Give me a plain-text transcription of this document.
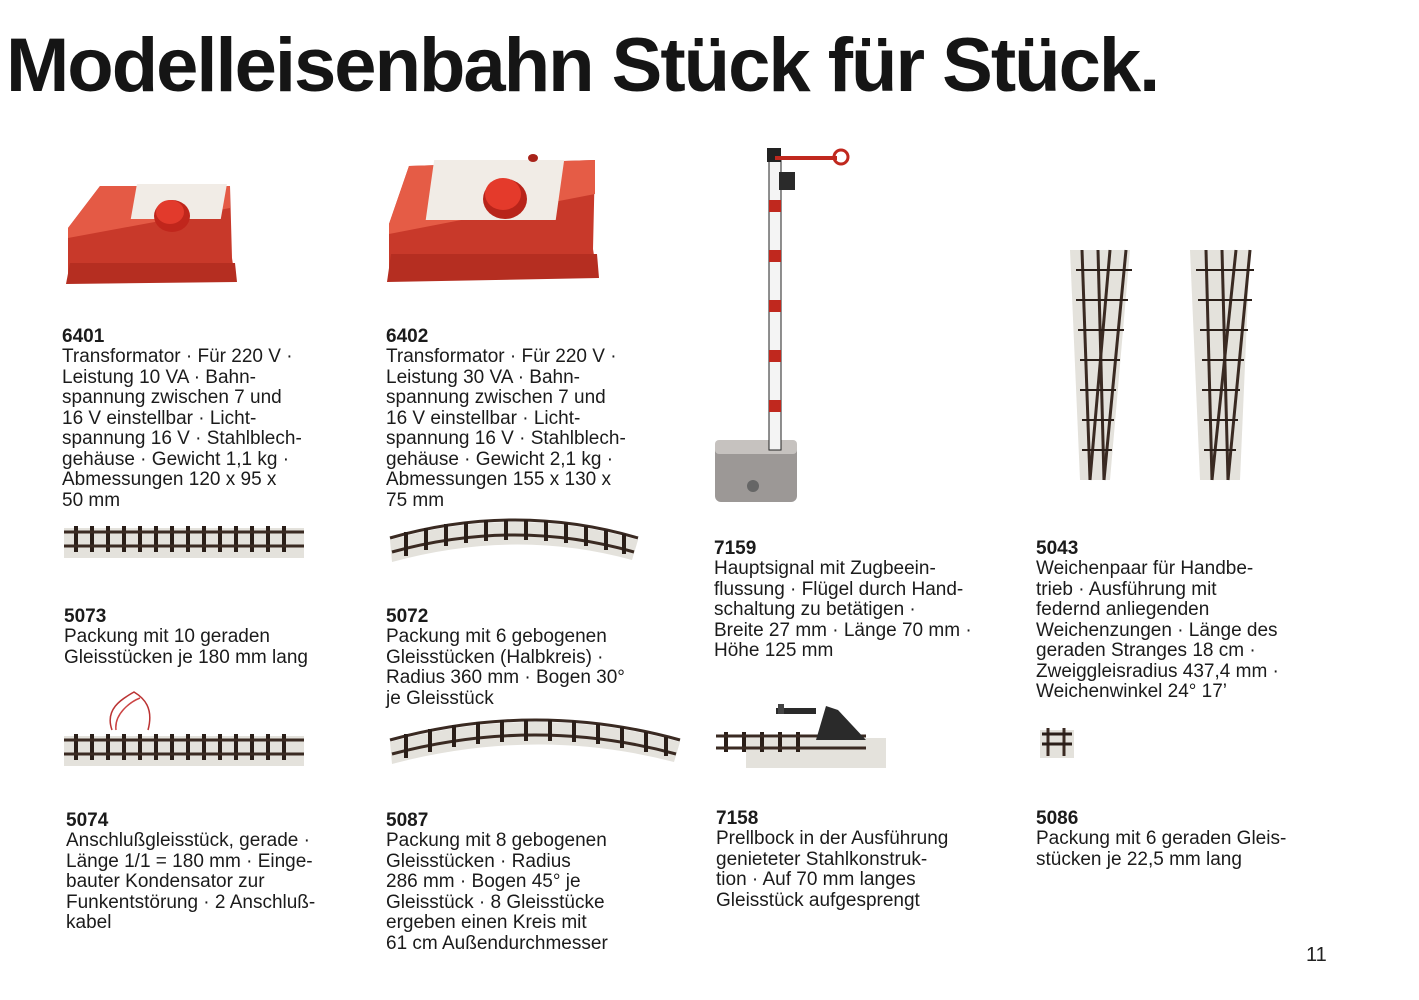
Modelleisenbahn Stück für Stück.

6401
Transformator · Für 220 V ·
Leistung 10 VA · Bahn-
spannung zwischen 7 und
16 V einstellbar · Licht-
spannung 16 V · Stahlblech-
gehäuse · Gewicht 1,1 kg ·
Abmessungen 120 x 95 x
50 mm

6402
Transformator · Für 220 V ·
Leistung 30 VA · Bahn-
spannung zwischen 7 und
16 V einstellbar · Licht-
spannung 16 V · Stahlblech-
gehäuse · Gewicht 2,1 kg ·
Abmessungen 155 x 130 x
75 mm

7159
Hauptsignal mit Zugbeein-
flussung · Flügel durch Hand-
schaltung zu betätigen ·
Breite 27 mm · Länge 70 mm ·
Höhe 125 mm

5043
Weichenpaar für Handbe-
trieb · Ausführung mit
federnd anliegenden
Weichenzungen · Länge des
geraden Stranges 18 cm ·
Zweiggleisradius 437,4 mm ·
Weichenwinkel 24° 17’

5073
Packung mit 10 geraden
Gleisstücken je 180 mm lang

5072
Packung mit 6 gebogenen
Gleisstücken (Halbkreis) ·
Radius 360 mm · Bogen 30°
je Gleisstück

5074
Anschlußgleisstück, gerade ·
Länge 1/1 = 180 mm · Einge-
bauter Kondensator zur
Funkentstörung · 2 Anschluß-
kabel

5087
Packung mit 8 gebogenen
Gleisstücken · Radius
286 mm · Bogen 45° je
Gleisstück · 8 Gleisstücke
ergeben einen Kreis mit
61 cm Außendurchmesser

7158
Prellbock in der Ausführung
genieteter Stahlkonstruk-
tion · Auf 70 mm langes
Gleisstück aufgesprengt

5086
Packung mit 6 geraden Gleis-
stücken je 22,5 mm lang

11
